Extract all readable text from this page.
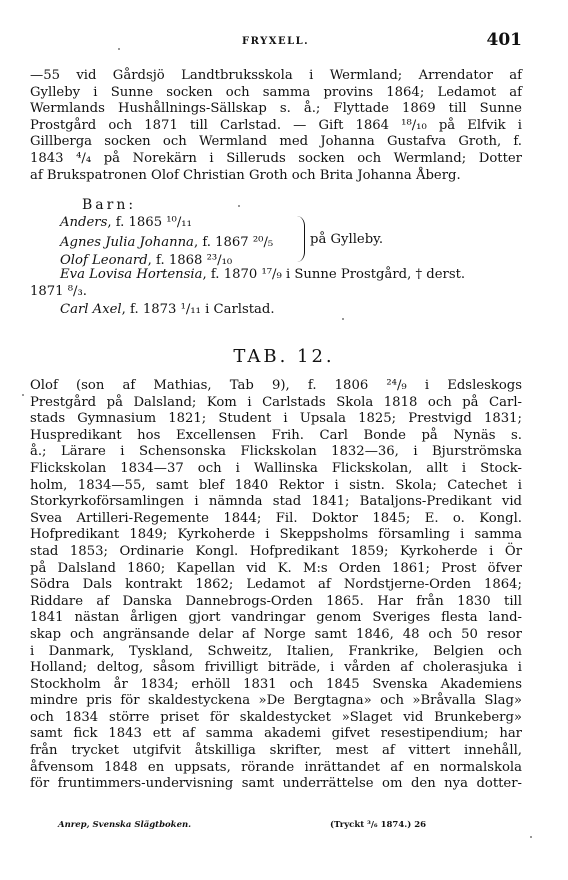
FRYXELL.	401
—55 vid Gårdsjö Landtbruksskola i Wermland; Arrendator af
Gylleby i Sunne socken och samma provins 1864; Ledamot af
Wermlands Hushållnings-Sällskap s. å.; Flyttade 1869 till Sunne
Prostgård och 1871 till Carlstad. — Gift 1864 ¹⁸/₁₀ på Elfvik i
Gillberga socken och Wermland med Johanna Gustafva Groth, f.
1843 ⁴/₄ på Norekärn i Silleruds socken och Wermland; Dotter
af Brukspatronen Olof Christian Groth och Brita Johanna Åberg.
Barn:
Anders, f. 1865 ¹⁰/₁₁
Agnes Julia Johanna, f. 1867 ²⁰/₅
Olof Leonard, f. 1868 ²³/₁₀
Eva Lovisa Hortensia, f. 1870 ¹⁷/₉ i Sunne Prostgård, † derst.
1871 ⁸/₃.
Carl Axel, f. 1873 ¹/₁₁ i Carlstad.
på Gylleby.
TAB. 12.
Olof (son af Mathias, Tab 9), f. 1806 ²⁴/₉ i Edsleskogs
Prestgård på Dalsland; Kom i Carlstads Skola 1818 och på Carl-
stads Gymnasium 1821; Student i Upsala 1825; Prestvigd 1831;
Huspredikant hos Excellensen Frih. Carl Bonde på Nynäs s.
å.; Lärare i Schensonska Flickskolan 1832—36, i Bjurströmska
Flickskolan 1834—37 och i Wallinska Flickskolan, allt i Stock-
holm, 1834—55, samt blef 1840 Rektor i sistn. Skola; Catechet i
Storkyrkoförsamlingen i nämnda stad 1841; Bataljons-Predikant vid
Svea Artilleri-Regemente 1844; Fil. Doktor 1845; E. o. Kongl.
Hofpredikant 1849; Kyrkoherde i Skeppsholms församling i samma
stad 1853; Ordinarie Kongl. Hofpredikant 1859; Kyrkoherde i Ör
på Dalsland 1860; Kapellan vid K. M:s Orden 1861; Prost öfver
Södra Dals kontrakt 1862; Ledamot af Nordstjerne-Orden 1864;
Riddare af Danska Dannebrogs-Orden 1865. Har från 1830 till
1841 nästan årligen gjort vandringar genom Sveriges flesta land-
skap och angränsande delar af Norge samt 1846, 48 och 50 resor
i Danmark, Tyskland, Schweitz, Italien, Frankrike, Belgien och
Holland; deltog, såsom frivilligt biträde, i vården af cholerasjuka i
Stockholm år 1834; erhöll 1831 och 1845 Svenska Akademiens
mindre pris för skaldestyckena »De Bergtagna» och »Bråvalla Slag»
och 1834 större priset för skaldestycket »Slaget vid Brunkeberg»
samt fick 1843 ett af samma akademi gifvet resestipendium; har
från trycket utgifvit åtskilliga skrifter, mest af vittert innehåll,
åfvensom 1848 en uppsats, rörande inrättandet af en normalskola
för fruntimmers-undervisning samt underrättelse om den nya dotter-
Anrep, Svenska Slägtboken.	(Tryckt ³/₆ 1874.) 26
